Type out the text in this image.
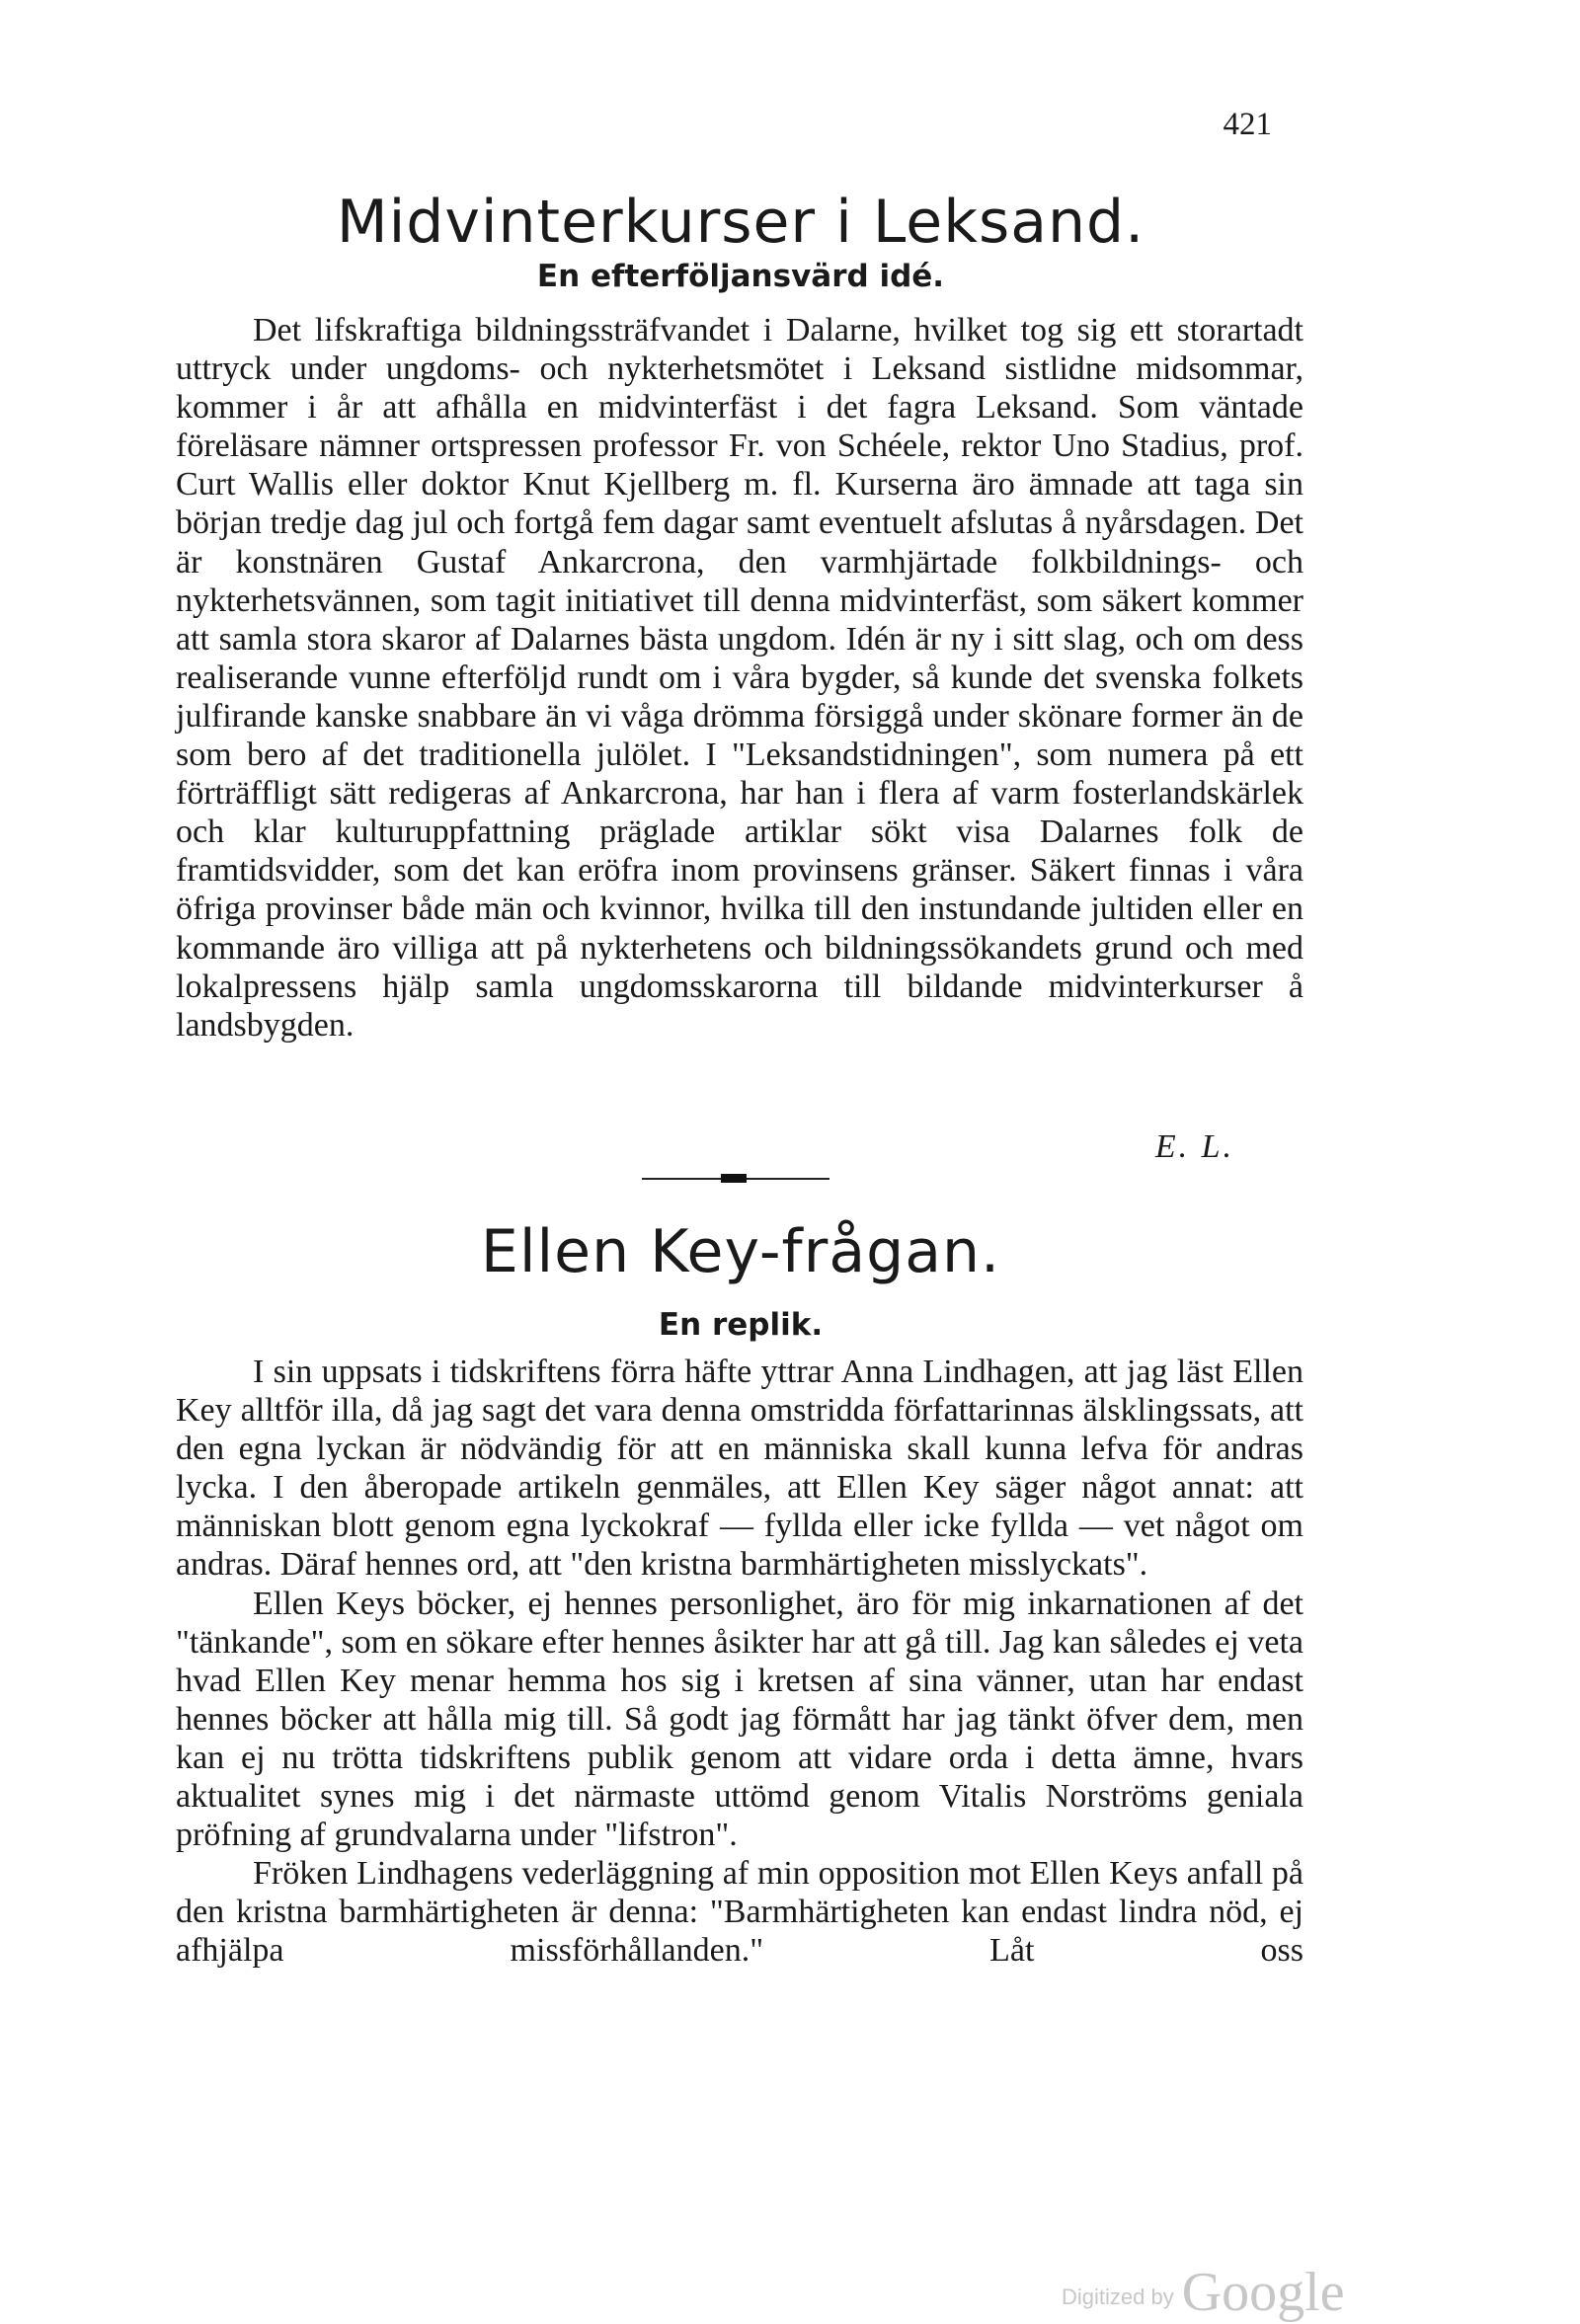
421
Midvinterkurser i Leksand.
En efterföljansvärd idé.

Det lifskraftiga bildningssträfvandet i Dalarne, hvilket tog sig ett storartadt uttryck under ungdoms- och nykterhetsmötet i Leksand sistlidne midsommar, kommer i år att afhålla en midvinterfäst i det fagra Leksand. Som väntade föreläsare nämner ortspressen professor Fr. von Schéele, rektor Uno Stadius, prof. Curt Wallis eller doktor Knut Kjellberg m. fl. Kurserna äro ämnade att taga sin början tredje dag jul och fortgå fem dagar samt eventuelt afslutas å nyårsdagen. Det är konstnären Gustaf Ankarcrona, den varmhjärtade folkbildnings- och nykterhetsvännen, som tagit initiativet till denna midvinterfäst, som säkert kommer att samla stora skaror af Dalarnes bästa ungdom. Idén är ny i sitt slag, och om dess realiserande vunne efterföljd rundt om i våra bygder, så kunde det svenska folkets julfirande kanske snabbare än vi våga drömma försiggå under skönare former än de som bero af det traditionella julölet. I "Leksandstidningen", som numera på ett förträffligt sätt redigeras af Ankarcrona, har han i flera af varm fosterlandskärlek och klar kulturuppfattning präglade artiklar sökt visa Dalarnes folk de framtidsvidder, som det kan eröfra inom provinsens gränser. Säkert finnas i våra öfriga provinser både män och kvinnor, hvilka till den instundande jultiden eller en kommande äro villiga att på nykterhetens och bildningssökandets grund och med lokalpressens hjälp samla ungdomsskarorna till bildande midvinterkurser å landsbygden.

E. L.
Ellen Key-frågan.
En replik.

I sin uppsats i tidskriftens förra häfte yttrar Anna Lindhagen, att jag läst Ellen Key alltför illa, då jag sagt det vara denna omstridda författarinnas älsklingssats, att den egna lyckan är nödvändig för att en människa skall kunna lefva för andras lycka. I den åberopade artikeln genmäles, att Ellen Key säger något annat: att människan blott genom egna lyckokraf — fyllda eller icke fyllda — vet något om andras. Däraf hennes ord, att "den kristna barmhärtigheten misslyckats".

Ellen Keys böcker, ej hennes personlighet, äro för mig inkarnationen af det "tänkande", som en sökare efter hennes åsikter har att gå till. Jag kan således ej veta hvad Ellen Key menar hemma hos sig i kretsen af sina vänner, utan har endast hennes böcker att hålla mig till. Så godt jag förmått har jag tänkt öfver dem, men kan ej nu trötta tidskriftens publik genom att vidare orda i detta ämne, hvars aktualitet synes mig i det närmaste uttömd genom Vitalis Norströms geniala pröfning af grundvalarna under "lifstron".

Fröken Lindhagens vederläggning af min opposition mot Ellen Keys anfall på den kristna barmhärtigheten är denna: "Barmhärtigheten kan endast lindra nöd, ej afhjälpa missförhållanden." Låt oss

Digitized by Google
